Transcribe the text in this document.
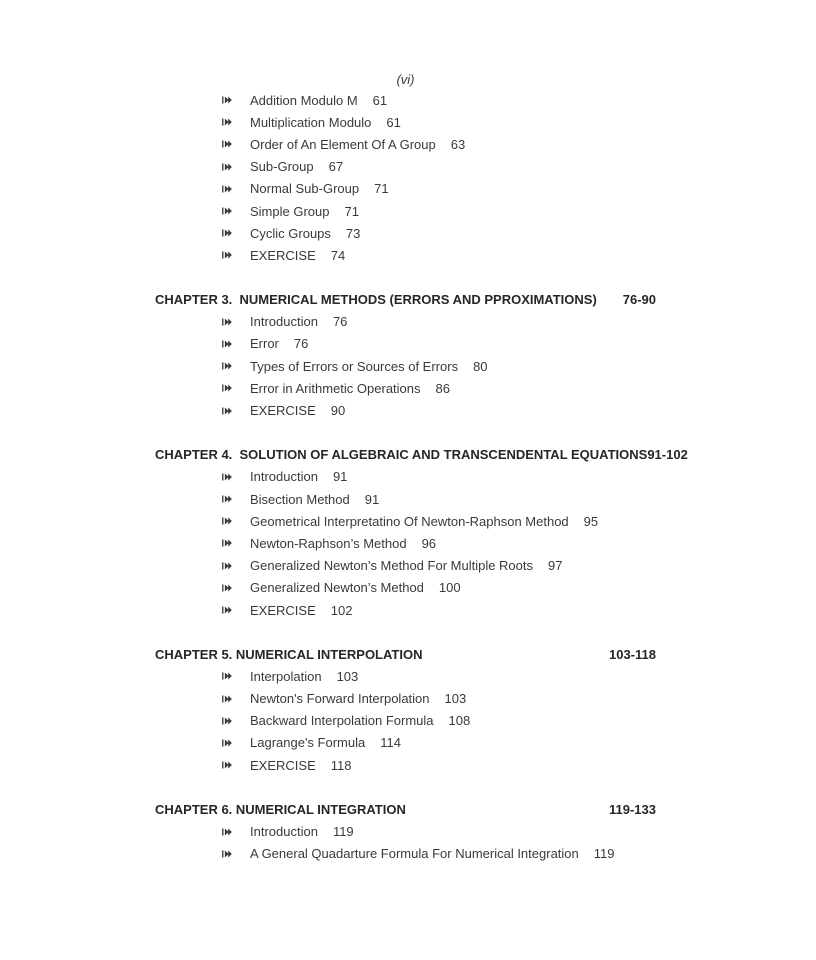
(vi)
Addition Modulo M 61
Multiplication Modulo 61
Order of An Element Of A Group 63
Sub-Group 67
Normal Sub-Group 71
Simple Group 71
Cyclic Groups 73
EXERCISE 74
CHAPTER 3.  NUMERICAL METHODS (ERRORS AND PPROXIMATIONS) 76-90
Introduction 76
Error 76
Types of Errors or Sources of Errors 80
Error in Arithmetic Operations 86
EXERCISE 90
CHAPTER 4.  SOLUTION OF ALGEBRAIC AND TRANSCENDENTAL EQUATIONS 91-102
Introduction 91
Bisection Method 91
Geometrical Interpretatino Of Newton-Raphson Method 95
Newton-Raphson’s Method 96
Generalized Newton’s Method For Multiple Roots 97
Generalized Newton’s Method 100
EXERCISE 102
CHAPTER 5. NUMERICAL INTERPOLATION	103-118
Interpolation 103
Newton's Forward Interpolation 103
Backward Interpolation Formula 108
Lagrange's Formula 114
EXERCISE 118
CHAPTER 6. NUMERICAL INTEGRATION	119-133
Introduction 119
A General Quadarture Formula For Numerical Integration 119
